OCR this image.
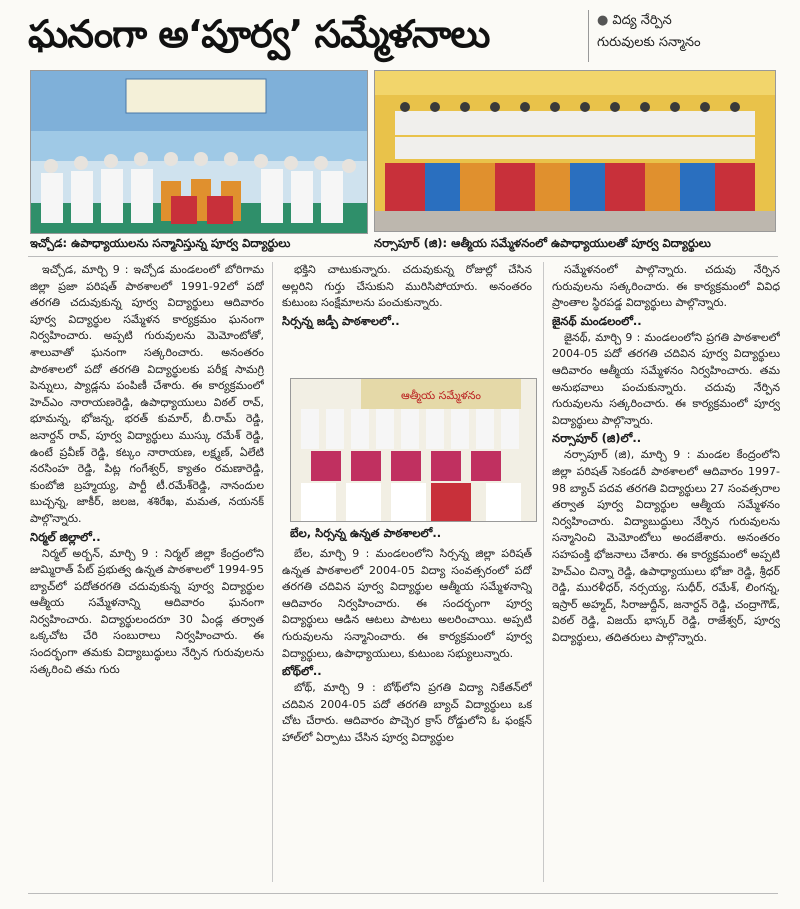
ఘనంగా అ‘పూర్వ’ సమ్మేళనాలు	● విద్య నేర్పిన
గురువులకు సన్మానం
ఇచ్చోడ: ఉపాధ్యాయులను సన్మానిస్తున్న పూర్వ విద్యార్థులు	నర్సాపూర్ (జి): ఆత్మీయ సమ్మేళనంలో ఉపాధ్యాయులతో పూర్వ విద్యార్థులు

ఇచ్చోడ, మార్చి 9 : ఇచ్చోడ మండలంలో బోరిగామ జిల్లా ప్రజా పరిషత్ పాఠశాలలో 1991-92లో పదో తరగతి చదువుకున్న పూర్వ విద్యార్థులు ఆదివారం పూర్వ విద్యార్థుల సమ్మేళన కార్యక్రమం ఘనంగా నిర్వహించారు. అప్పటి గురువులను మెమోంటోతో, శాలువాతో ఘనంగా సత్కరించారు. అనంతరం పాఠశాలలో పదో తరగతి విద్యార్థులకు పరీక్ష సామగ్రి పెన్నులు, ప్యాడ్లను పంపిణీ చేశారు. ఈ కార్యక్రమంలో హెచ్‌ఎం నారాయణరెడ్డి, ఉపాధ్యాయులు విఠల్ రావ్, భూమన్న, భోజన్న, భరత్ కుమార్, బీ.రామ్ రెడ్డి, జనార్దన్ రావ్, పూర్వ విద్యార్థులు ముస్కు రమేశ్ రెడ్డి, ఉంటే ప్రవీణ్ రెడ్డి, కట్కం నారాయణ, లక్ష్మణ్, ఏలేటి నరసింహ రెడ్డి, పిట్ల గంగేశ్వర్, క్యాతం రమణారెడ్డి, కుంబోజి బ్రహ్మయ్య, పార్టీ టీ.రమేశ్‌రెడ్డి, నానందుల బుచ్చన్న, జాకీర్, జలజ, శశిరేఖ, మమత, నయనక్ పాల్గొన్నారు.

నిర్మల్ జిల్లాలో..

నిర్మల్ అర్బన్, మార్చి 9 : నిర్మల్ జిల్లా కేంద్రంలోని జుమ్మిరాత్ పేట్ ప్రభుత్వ ఉన్నత పాఠశాలలో 1994-95 బ్యాచ్‌లో పదోతరగతి చదువుకున్న పూర్వ విద్యార్థుల ఆత్మీయ సమ్మేళనాన్ని ఆదివారం ఘనంగా నిర్వహించారు. విద్యార్థులందరూ 30 ఏండ్ల తర్వాత ఒక్కచోట చేరి సంబురాలు నిర్వహించారు. ఈ సందర్భంగా తమకు విద్యాబుద్ధులు నేర్పిన గురువులను సత్కరించి తమ గురు

భక్తిని చాటుకున్నారు. చదువుకున్న రోజుల్లో చేసిన అల్లరిని గుర్తు చేసుకుని మురిసిపోయారు. అనంతరం కుటుంబ సంక్షేమాలను పంచుకున్నారు.

సిర్సన్న జడ్పీ పాఠశాలలో..

ఆత్మీయ సమ్మేళనం
బేల, సిర్సన్న ఉన్నత పాఠశాలలో..

బేల, మార్చి 9 : మండలంలోని సిర్సన్న జిల్లా పరిషత్ ఉన్నత పాఠశాలలో 2004-05 విద్యా సంవత్సరంలో పదో తరగతి చదివిన పూర్వ విద్యార్థుల ఆత్మీయ సమ్మేళనాన్ని ఆదివారం నిర్వహించారు. ఈ సందర్భంగా పూర్వ విద్యార్థులు ఆడిన ఆటలు పాటలు అలరించాయి. అప్పటి గురువులను సన్మానించారు. ఈ కార్యక్రమంలో పూర్వ విద్యార్థులు, ఉపాధ్యాయులు, కుటుంబ సభ్యులున్నారు.

బోథ్‌లో..

బోథ్, మార్చి 9 : బోథ్‌లోని ప్రగతి విద్యా నికేతన్‌లో చదివిన 2004-05 పదో తరగతి బ్యాచ్ విద్యార్థులు ఒక చోట చేరారు. ఆదివారం పొచ్చెర క్రాస్ రోడ్డులోని ఓ ఫంక్షన్ హాల్‌లో ఏర్పాటు చేసిన పూర్వ విద్యార్థుల

సమ్మేళనంలో పాల్గొన్నారు. చదువు నేర్పిన గురువులను సత్కరించారు. ఈ కార్యక్రమంలో వివిధ ప్రాంతాల స్థిరపడ్డ విద్యార్థులు పాల్గొన్నారు.

జైనథ్ మండలంలో..

జైనథ్, మార్చి 9 : మండలంలోని ప్రగతి పాఠశాలలో 2004-05 పదో తరగతి చదివిన పూర్వ విద్యార్థులు ఆదివారం ఆత్మీయ సమ్మేళనం నిర్వహించారు. తమ అనుభవాలు పంచుకున్నారు. చదువు నేర్పిన గురువులను సత్కరించారు. ఈ కార్యక్రమంలో పూర్వ విద్యార్థులు పాల్గొన్నారు.

నర్సాపూర్ (జి)లో..

నర్సాపూర్ (జి), మార్చి 9 : మండల కేంద్రంలోని జిల్లా పరిషత్ సెకండరీ పాఠశాలలో ఆదివారం 1997-98 బ్యాచ్ పదవ తరగతి విద్యార్థులు 27 సంవత్సరాల తర్వాత పూర్వ విద్యార్థుల ఆత్మీయ సమ్మేళనం నిర్వహించారు. విద్యాబుద్ధులు నేర్పిన గురువులను సన్మానించి మెమోంటోలు అందజేశారు. అనంతరం సహపంక్తి భోజనాలు చేశారు. ఈ కార్యక్రమంలో అప్పటి హెచ్‌ఎం చిన్నా రెడ్డి, ఉపాధ్యాయులు భోజా రెడ్డి, శ్రీధర్ రెడ్డి, మురళీధర్, నర్సయ్య, సుధీర్, రమేశ్, లింగన్న, ఇస్రార్ అహ్మద్, సిరాజుద్దీన్, జనార్దన్ రెడ్డి, చంద్రాగౌడ్, విఠల్ రెడ్డి, విజయ్ భాస్కర్ రెడ్డి, రాజేశ్వర్, పూర్వ విద్యార్థులు, తదితరులు పాల్గొన్నారు.
